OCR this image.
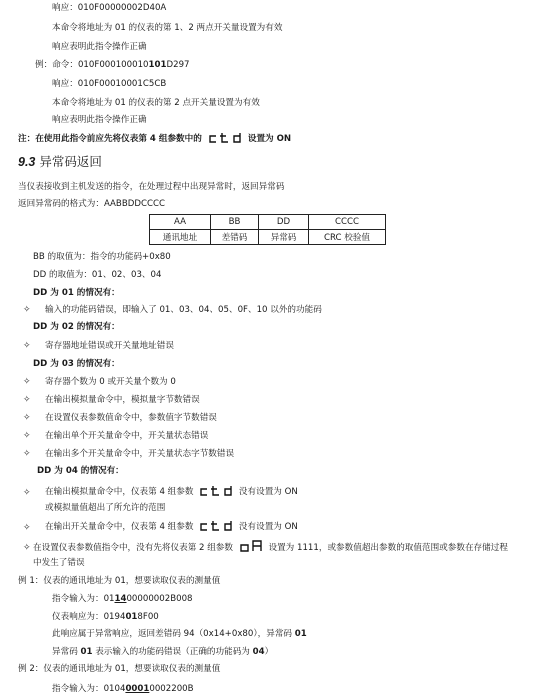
响应：010F00000002D40A
本命令将地址为 01 的仪表的第 1、2 两点开关量设置为有效
响应表明此指令操作正确
例：命令：010F000100010101D297
响应：010F00010001C5CB
本命令将地址为 01 的仪表的第 2 点开关量设置为有效
响应表明此指令操作正确
注：在使用此指令前应先将仪表第 4 组参数中的	设置为 ON
9.3 异常码返回
当仪表接收到主机发送的指令，在处理过程中出现异常时，返回异常码
返回异常码的格式为：AABBDDCCCC
AA	BB	DD	CCCC
通讯地址	差错码	异常码	CRC 校验值
BB 的取值为：指令的功能码+0x80
DD 的取值为：01、02、03、04
DD 为 01 的情况有：
✧ 输入的功能码错误，即输入了 01、03、04、05、0F、10 以外的功能码
DD 为 02 的情况有：
✧ 寄存器地址错误或开关量地址错误
DD 为 03 的情况有：
✧ 寄存器个数为 0 或开关量个数为 0
✧ 在输出模拟量命令中，模拟量字节数错误
✧ 在设置仪表参数值命令中，参数值字节数错误
✧ 在输出单个开关量命令中，开关量状态错误
✧ 在输出多个开关量命令中，开关量状态字节数错误
DD 为 04 的情况有：
✧ 在输出模拟量命令中，仪表第 4 组参数	没有设置为 ON
或模拟量值超出了所允许的范围
✧ 在输出开关量命令中，仪表第 4 组参数	没有设置为 ON
✧ 在设置仪表参数值指令中，没有先将仪表第 2 组参数	设置为 1111，或参数值超出参数的取值范围或参数在存储过程
中发生了错误
例 1：仪表的通讯地址为 01，想要读取仪表的测量值
指令输入为：011400000002B008
仪表响应为：0194018F00
此响应属于异常响应，返回差错码 94（0x14+0x80），异常码 01
异常码 01 表示输入的功能码错误（正确的功能码为 04）
例 2：仪表的通讯地址为 01，想要读取仪表的测量值
指令输入为：010400010002200B
